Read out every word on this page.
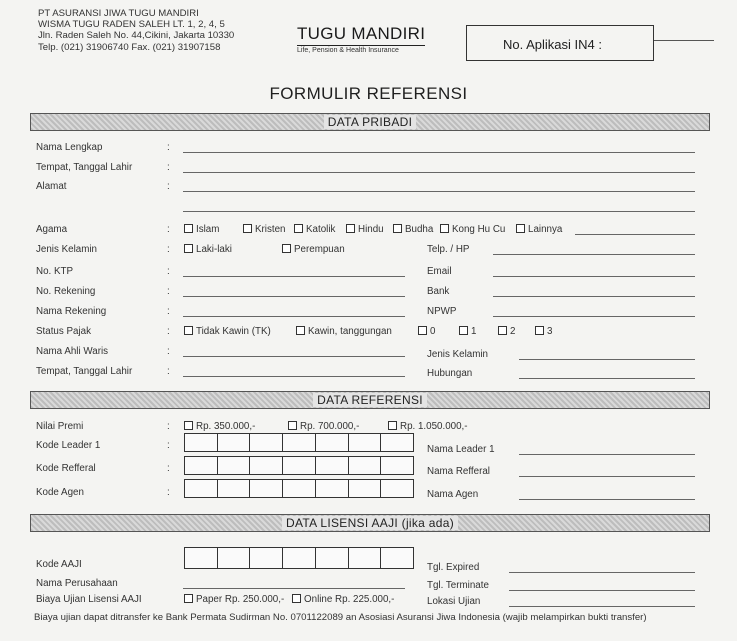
PT ASURANSI JIWA TUGU MANDIRI
WISMA TUGU RADEN SALEH LT. 1, 2, 4, 5
Jln. Raden Saleh No. 44,Cikini, Jakarta 10330
Telp. (021) 31906740 Fax. (021) 31907158
TUGU MANDIRI
Life, Pension & Health Insurance	No. Aplikasi IN4 :
FORMULIR REFERENSI
DATA PRIBADI
Nama Lengkap	:
Tempat, Tanggal Lahir	:
Alamat	:
Agama	:	Islam	Kristen	Katolik	Hindu	Budha	Kong Hu Cu	Lainnya
Jenis Kelamin	:	Laki-laki	Perempuan	Telp. / HP
No. KTP	:	Email
No. Rekening	:	Bank
Nama Rekening	:	NPWP
Status Pajak	:	Tidak Kawin (TK)	Kawin, tanggungan	0	1	2	3
Nama Ahli Waris	:	Jenis Kelamin
Tempat, Tanggal Lahir	:	Hubungan
DATA REFERENSI
Nilai Premi	:	Rp. 350.000,-	Rp. 700.000,-	Rp. 1.050.000,-
Kode Leader 1	:	Nama Leader 1
Kode Refferal	:	Nama Refferal
Kode Agen	:	Nama Agen
DATA LISENSI AAJI (jika ada)
Kode AAJI	Tgl. Expired
Nama Perusahaan	Tgl. Terminate
Biaya Ujian Lisensi AAJI	Paper Rp. 250.000,-	Online Rp. 225.000,-	Lokasi Ujian
Biaya ujian dapat ditransfer ke Bank Permata Sudirman No. 0701122089 an Asosiasi Asuransi Jiwa Indonesia (wajib melampirkan bukti transfer)
